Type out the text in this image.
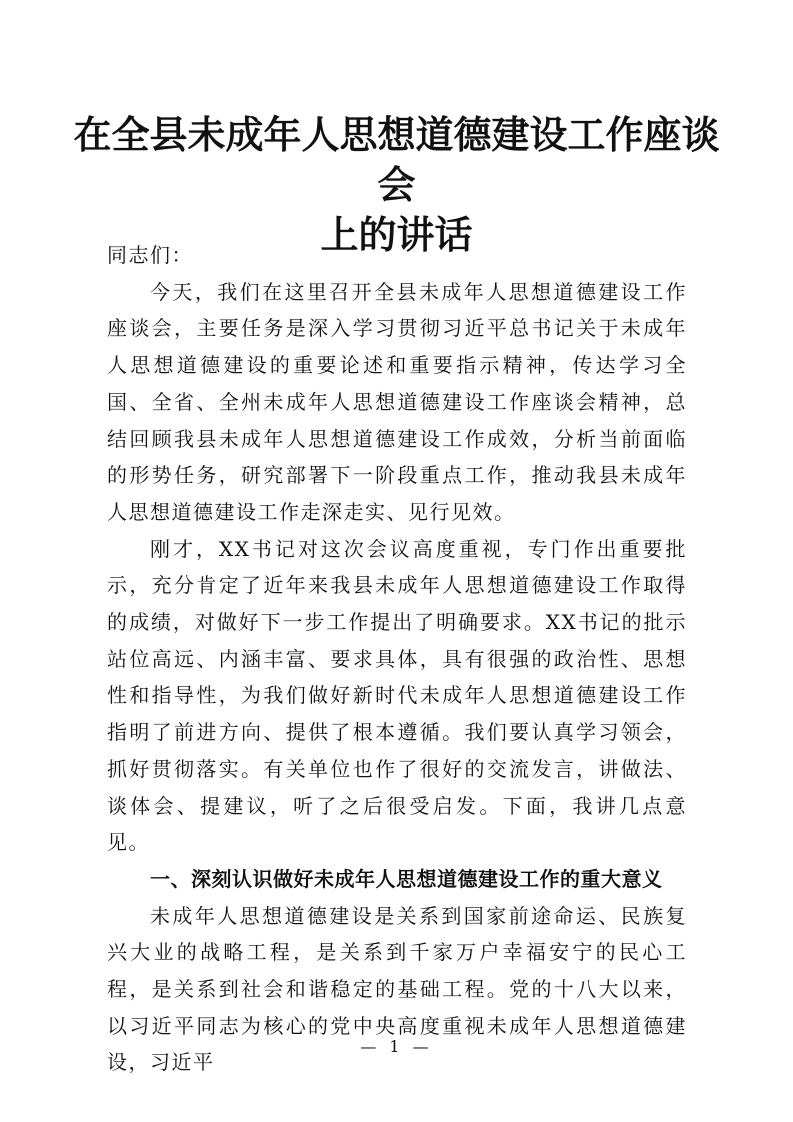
在全县未成年人思想道德建设工作座谈会
上的讲话

同志们：

今天，我们在这里召开全县未成年人思想道德建设工作座谈会，主要任务是深入学习贯彻习近平总书记关于未成年人思想道德建设的重要论述和重要指示精神，传达学习全国、全省、全州未成年人思想道德建设工作座谈会精神，总结回顾我县未成年人思想道德建设工作成效，分析当前面临的形势任务，研究部署下一阶段重点工作，推动我县未成年人思想道德建设工作走深走实、见行见效。

刚才，XX书记对这次会议高度重视，专门作出重要批示，充分肯定了近年来我县未成年人思想道德建设工作取得的成绩，对做好下一步工作提出了明确要求。XX书记的批示站位高远、内涵丰富、要求具体，具有很强的政治性、思想性和指导性，为我们做好新时代未成年人思想道德建设工作指明了前进方向、提供了根本遵循。我们要认真学习领会，抓好贯彻落实。有关单位也作了很好的交流发言，讲做法、谈体会、提建议，听了之后很受启发。下面，我讲几点意见。

一、深刻认识做好未成年人思想道德建设工作的重大意义

未成年人思想道德建设是关系到国家前途命运、民族复兴大业的战略工程，是关系到千家万户幸福安宁的民心工程，是关系到社会和谐稳定的基础工程。党的十八大以来，以习近平同志为核心的党中央高度重视未成年人思想道德建设，习近平

— 1 —
